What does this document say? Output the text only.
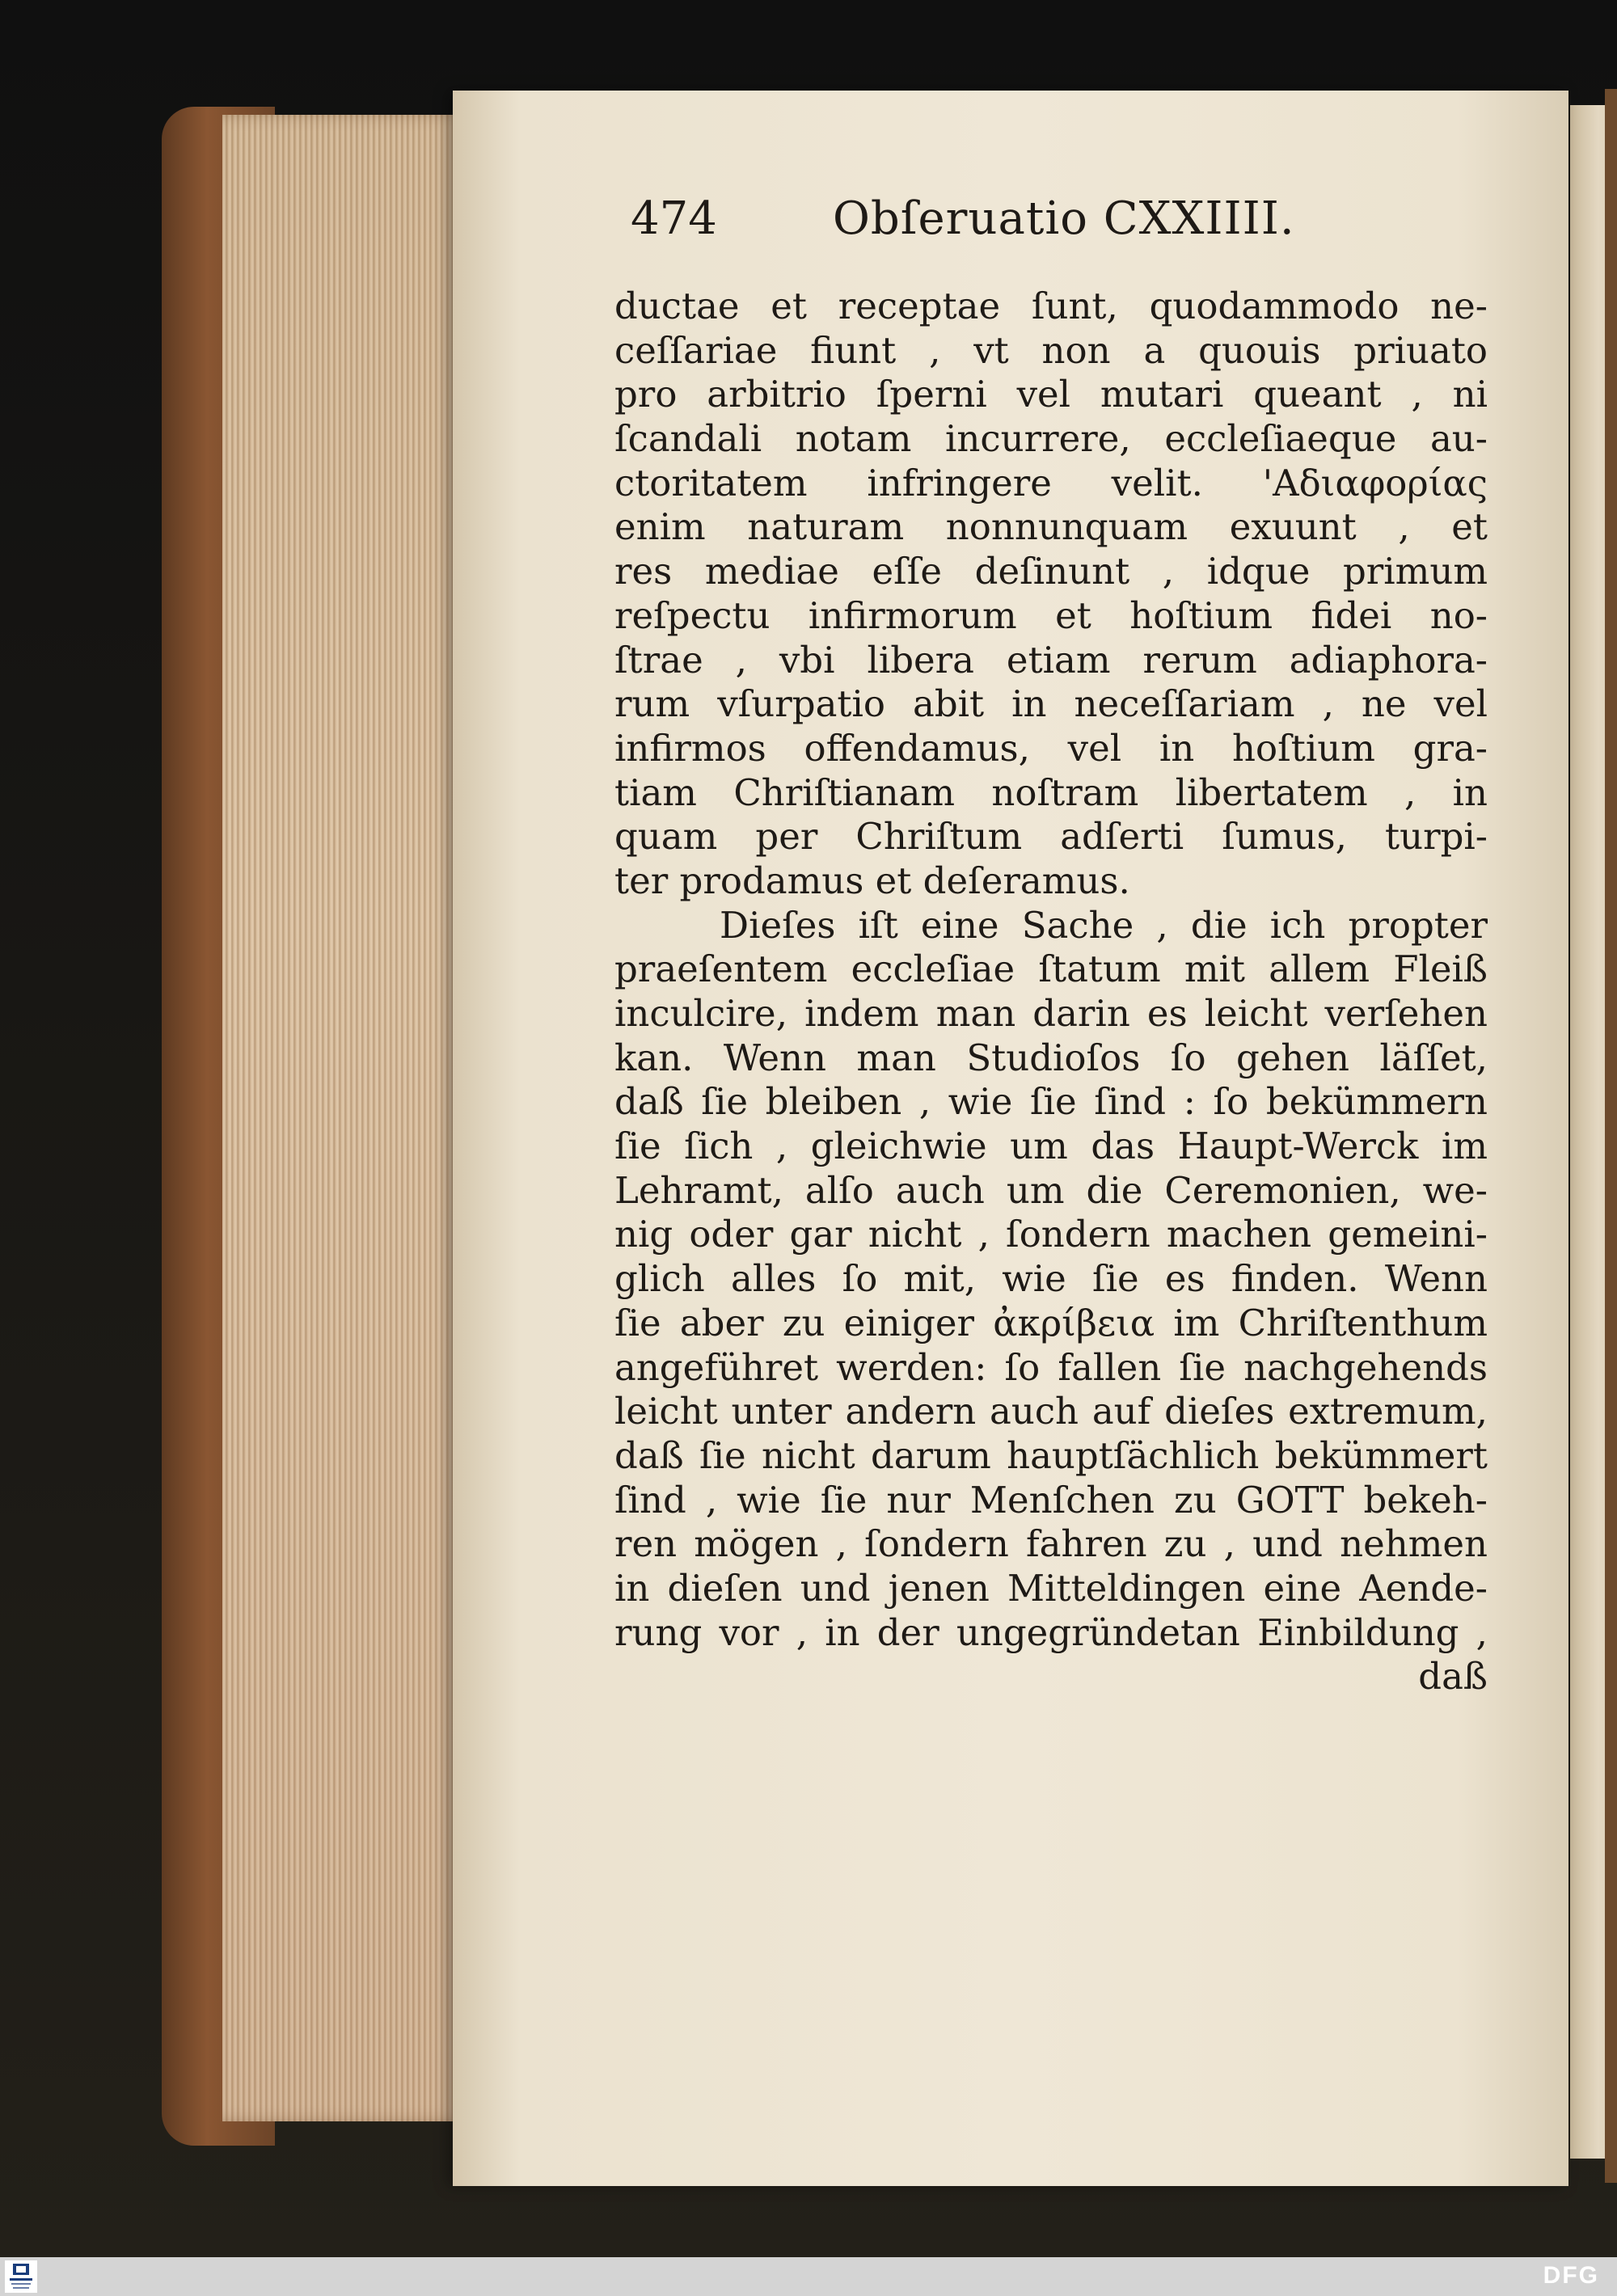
474	Obſeruatio CXXIIII.
ductae et receptae ſunt, quodammodo ne-
ceſſariae fiunt , vt non a quouis priuato
pro arbitrio ſperni vel mutari queant , ni
ſcandali notam incurrere, eccleſiaeque au-
ctoritatem infringere velit. 'Αδιαφορίας
enim naturam nonnunquam exuunt , et
res mediae eſſe deſinunt , idque primum
reſpectu infirmorum et hoſtium fidei no-
ſtrae , vbi libera etiam rerum adiaphora-
rum vſurpatio abit in neceſſariam , ne vel
infirmos offendamus, vel in hoſtium gra-
tiam Chriſtianam noſtram libertatem , in
quam per Chriſtum adſerti ſumus, turpi-
ter prodamus et deſeramus.
Dieſes iſt eine Sache , die ich propter
praeſentem eccleſiae ſtatum mit allem Fleiß
inculcire, indem man darin es leicht verſehen
kan. Wenn man Studioſos ſo gehen läſſet,
daß ſie bleiben , wie ſie ſind : ſo bekümmern
ſie ſich , gleichwie um das Haupt-Werck im
Lehramt, alſo auch um die Ceremonien, we-
nig oder gar nicht , ſondern machen gemeini-
glich alles ſo mit, wie ſie es finden. Wenn
ſie aber zu einiger ἀκρίβεια im Chriſtenthum
angeführet werden: ſo fallen ſie nachgehends
leicht unter andern auch auf dieſes extremum,
daß ſie nicht darum hauptſächlich bekümmert
ſind , wie ſie nur Menſchen zu GOTT bekeh-
ren mögen , ſondern fahren zu , und nehmen
in dieſen und jenen Mitteldingen eine Aende-
rung vor , in der ungegründetan Einbildung ,
daß
DFG
